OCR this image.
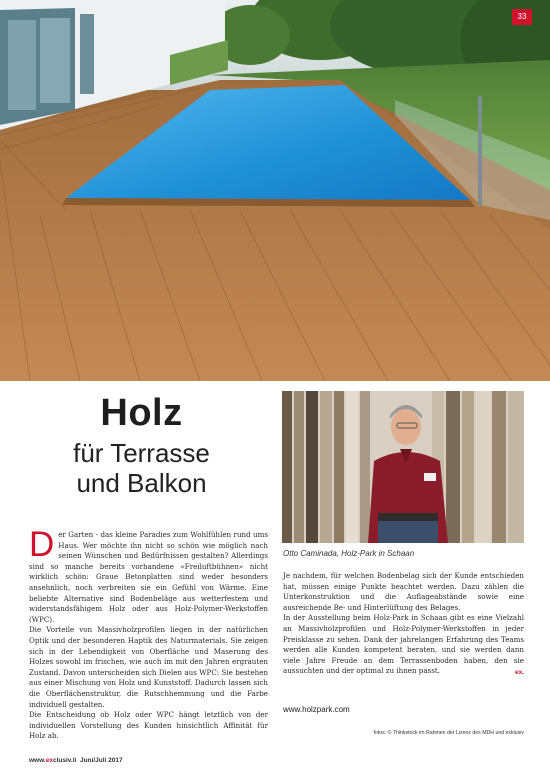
33
Holz
für Terrasse
und Balkon
Otto Caminada, Holz-Park in Schaan

Der Garten - das kleine Paradies zum Wohlfühlen rund ums Haus. Wer möchte ihn nicht so schön wie möglich nach seinen Wünschen und Bedürfnissen gestalten? Allerdings sind so manche bereits vorhandene «Freiluftbühnen» nicht wirklich schön: Graue Betonplatten sind weder besonders ansehnlich, noch verbreiten sie ein Gefühl von Wärme. Eine beliebte Alternative sind Bodenbeläge aus wetterfestem und widerstandsfähigem Holz oder aus Holz-Polymer-Werkstoffen (WPC).

Die Vorteile von Massivholzprofilen liegen in der natürlichen Optik und der besonderen Haptik des Naturmaterials. Sie zeigen sich in der Lebendigkeit von Oberfläche und Maserung des Holzes sowohl im frischen, wie auch im mit den Jahren ergrauten Zustand. Davon unterscheiden sich Dielen aus WPC: Sie bestehen aus einer Mischung von Holz und Kunststoff. Dadurch lassen sich die Oberflächenstruktur, die Rutschhemmung und die Farbe individuell gestalten.

Die Entscheidung ob Holz oder WPC hängt letztlich von der individuellen Vorstellung des Kunden hinsichtlich Affinität für Holz ab.

Je nachdem, für welchen Bodenbelag sich der Kunde entschieden hat, müssen einige Punkte beachtet werden. Dazu zählen die Unterkonstruktion und die Auflageabstände sowie eine ausreichende Be- und Hinterlüftung des Belages.

In der Ausstellung beim Holz-Park in Schaan gibt es eine Vielzahl an Massivholzprofilen und Holz-Polymer-Werkstoffen in jeder Preisklasse zu sehen. Dank der jahrelangen Erfahrung des Teams werden alle Kunden kompetent beraten, und sie werden dann viele Jahre Freude an dem Terrassenboden haben, den sie aussuchten und der optimal zu ihnen passt.	ex.

www.holzpark.com
fotos: © Thinkstock im Rahmen der Lizenz des MDH und exklusiv
www.exclusiv.li Juni/Juli 2017
